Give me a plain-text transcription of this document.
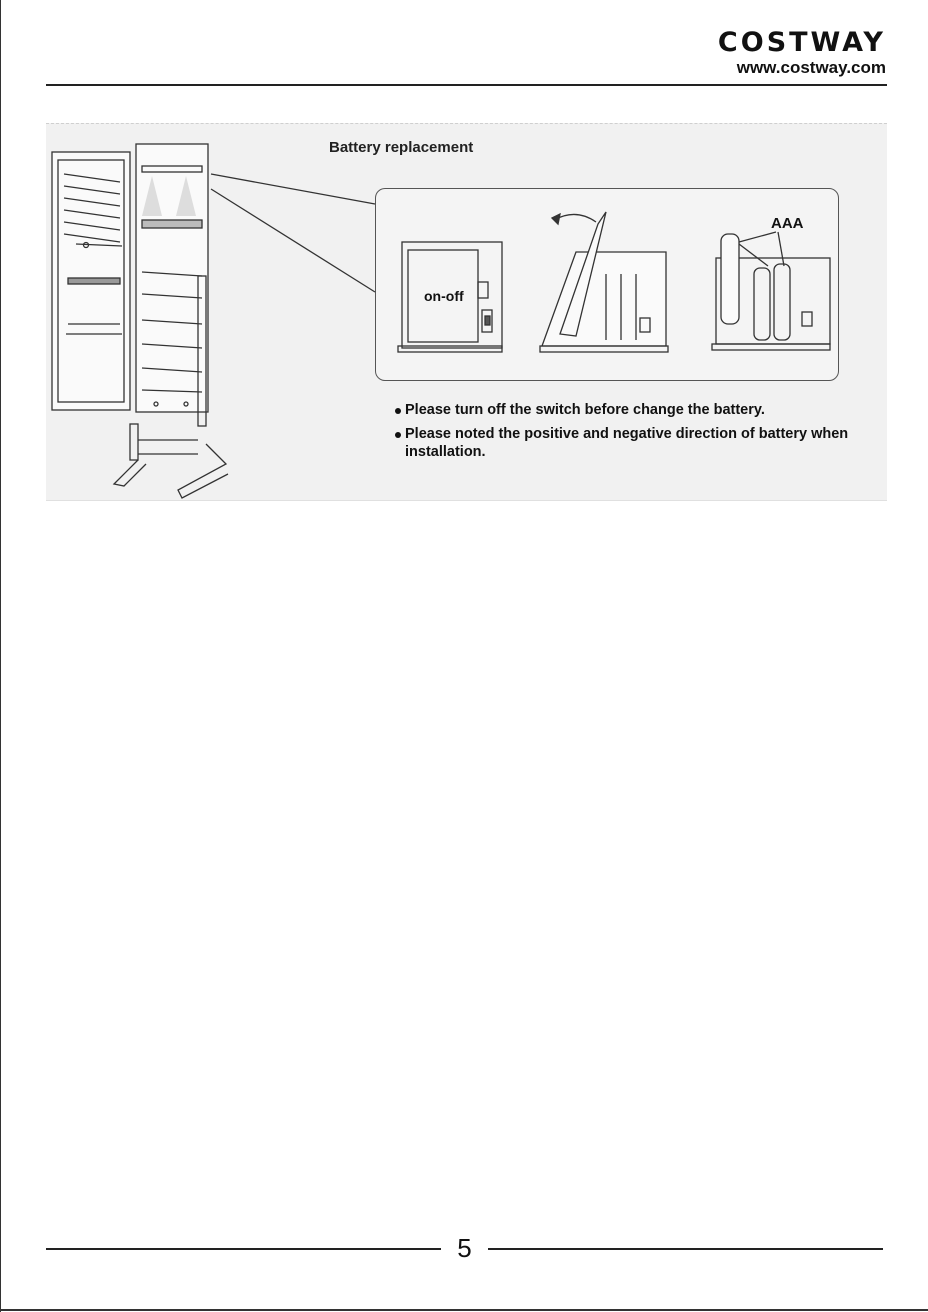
COSTWAY
www.costway.com
Battery replacement
on-off
AAA
Please turn off the switch before change the battery.
Please noted the positive and negative direction of battery when installation.
5
